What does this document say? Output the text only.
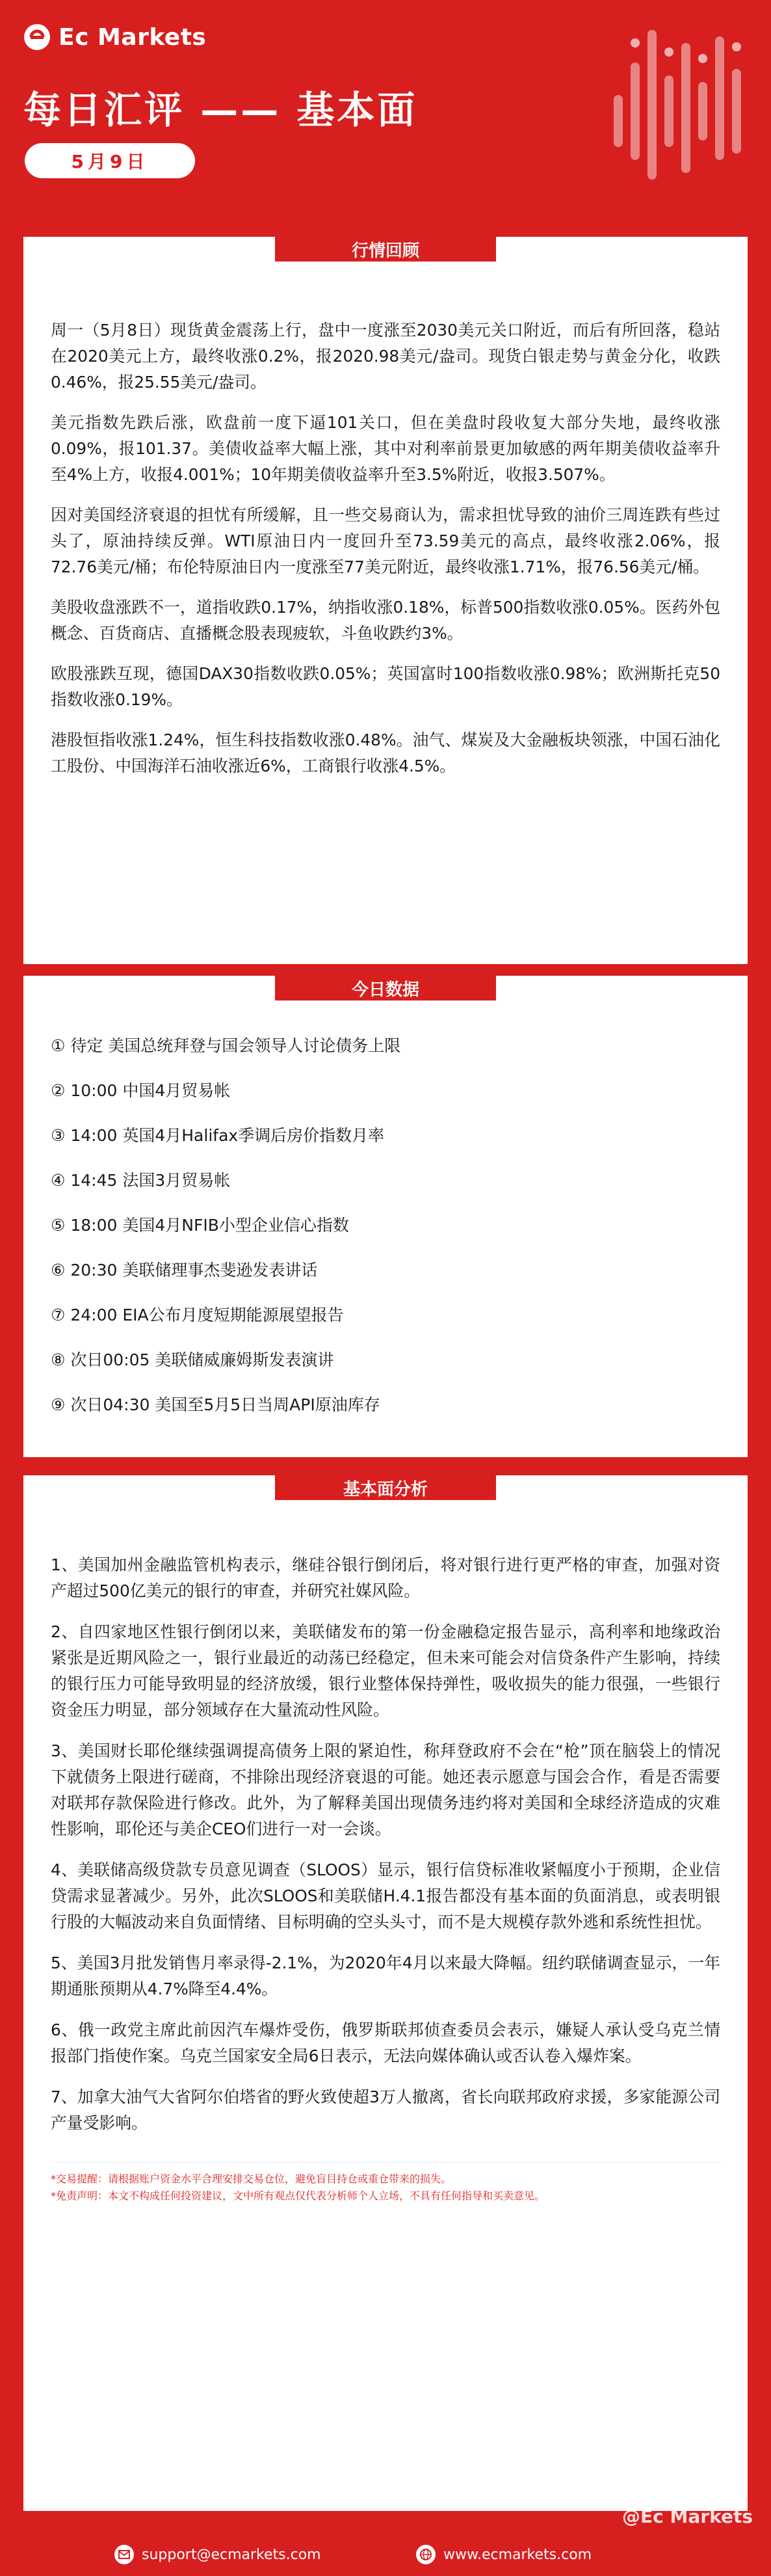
Ec Markets
每日汇评 —— 基本面
5月9日
行情回顾

周一（5月8日）现货黄金震荡上行，盘中一度涨至2030美元关口附近，而后有所回落，稳站在2020美元上方，最终收涨0.2%，报2020.98美元/盎司。现货白银走势与黄金分化，收跌0.46%，报25.55美元/盎司。

美元指数先跌后涨，欧盘前一度下逼101关口，但在美盘时段收复大部分失地，最终收涨0.09%，报101.37。美债收益率大幅上涨，其中对利率前景更加敏感的两年期美债收益率升至4%上方，收报4.001%；10年期美债收益率升至3.5%附近，收报3.507%。

因对美国经济衰退的担忧有所缓解，且一些交易商认为，需求担忧导致的油价三周连跌有些过头了，原油持续反弹。WTI原油日内一度回升至73.59美元的高点，最终收涨2.06%，报72.76美元/桶；布伦特原油日内一度涨至77美元附近，最终收涨1.71%，报76.56美元/桶。

美股收盘涨跌不一，道指收跌0.17%，纳指收涨0.18%，标普500指数收涨0.05%。医药外包概念、百货商店、直播概念股表现疲软，斗鱼收跌约3%。

欧股涨跌互现，德国DAX30指数收跌0.05%；英国富时100指数收涨0.98%；欧洲斯托克50指数收涨0.19%。

港股恒指收涨1.24%，恒生科技指数收涨0.48%。油气、煤炭及大金融板块领涨，中国石油化工股份、中国海洋石油收涨近6%，工商银行收涨4.5%。

今日数据
① 待定 美国总统拜登与国会领导人讨论债务上限
② 10:00 中国4月贸易帐
③ 14:00 英国4月Halifax季调后房价指数月率
④ 14:45 法国3月贸易帐
⑤ 18:00 美国4月NFIB小型企业信心指数
⑥ 20:30 美联储理事杰斐逊发表讲话
⑦ 24:00 EIA公布月度短期能源展望报告
⑧ 次日00:05 美联储威廉姆斯发表演讲
⑨ 次日04:30 美国至5月5日当周API原油库存
基本面分析

1、美国加州金融监管机构表示，继硅谷银行倒闭后，将对银行进行更严格的审查，加强对资产超过500亿美元的银行的审查，并研究社媒风险。

2、自四家地区性银行倒闭以来，美联储发布的第一份金融稳定报告显示，高利率和地缘政治紧张是近期风险之一，银行业最近的动荡已经稳定，但未来可能会对信贷条件产生影响，持续的银行压力可能导致明显的经济放缓，银行业整体保持弹性，吸收损失的能力很强，一些银行资金压力明显，部分领域存在大量流动性风险。

3、美国财长耶伦继续强调提高债务上限的紧迫性，称拜登政府不会在“枪”顶在脑袋上的情况下就债务上限进行磋商，不排除出现经济衰退的可能。她还表示愿意与国会合作，看是否需要对联邦存款保险进行修改。此外，为了解释美国出现债务违约将对美国和全球经济造成的灾难性影响，耶伦还与美企CEO们进行一对一会谈。

4、美联储高级贷款专员意见调查（SLOOS）显示，银行信贷标准收紧幅度小于预期，企业信贷需求显著减少。另外，此次SLOOS和美联储H.4.1报告都没有基本面的负面消息，或表明银行股的大幅波动来自负面情绪、目标明确的空头头寸，而不是大规模存款外逃和系统性担忧。

5、美国3月批发销售月率录得-2.1%，为2020年4月以来最大降幅。纽约联储调查显示，一年期通胀预期从4.7%降至4.4%。

6、俄一政党主席此前因汽车爆炸受伤，俄罗斯联邦侦查委员会表示，嫌疑人承认受乌克兰情报部门指使作案。乌克兰国家安全局6日表示，无法向媒体确认或否认卷入爆炸案。

7、加拿大油气大省阿尔伯塔省的野火致使超3万人撤离，省长向联邦政府求援，多家能源公司产量受影响。

*交易提醒：请根据账户资金水平合理安排交易仓位，避免盲目持仓或重仓带来的损失。

*免责声明：本文不构成任何投资建议，文中所有观点仅代表分析师个人立场，不具有任何指导和买卖意见。

@Ec Markets
support@ecmarkets.com	www.ecmarkets.com
